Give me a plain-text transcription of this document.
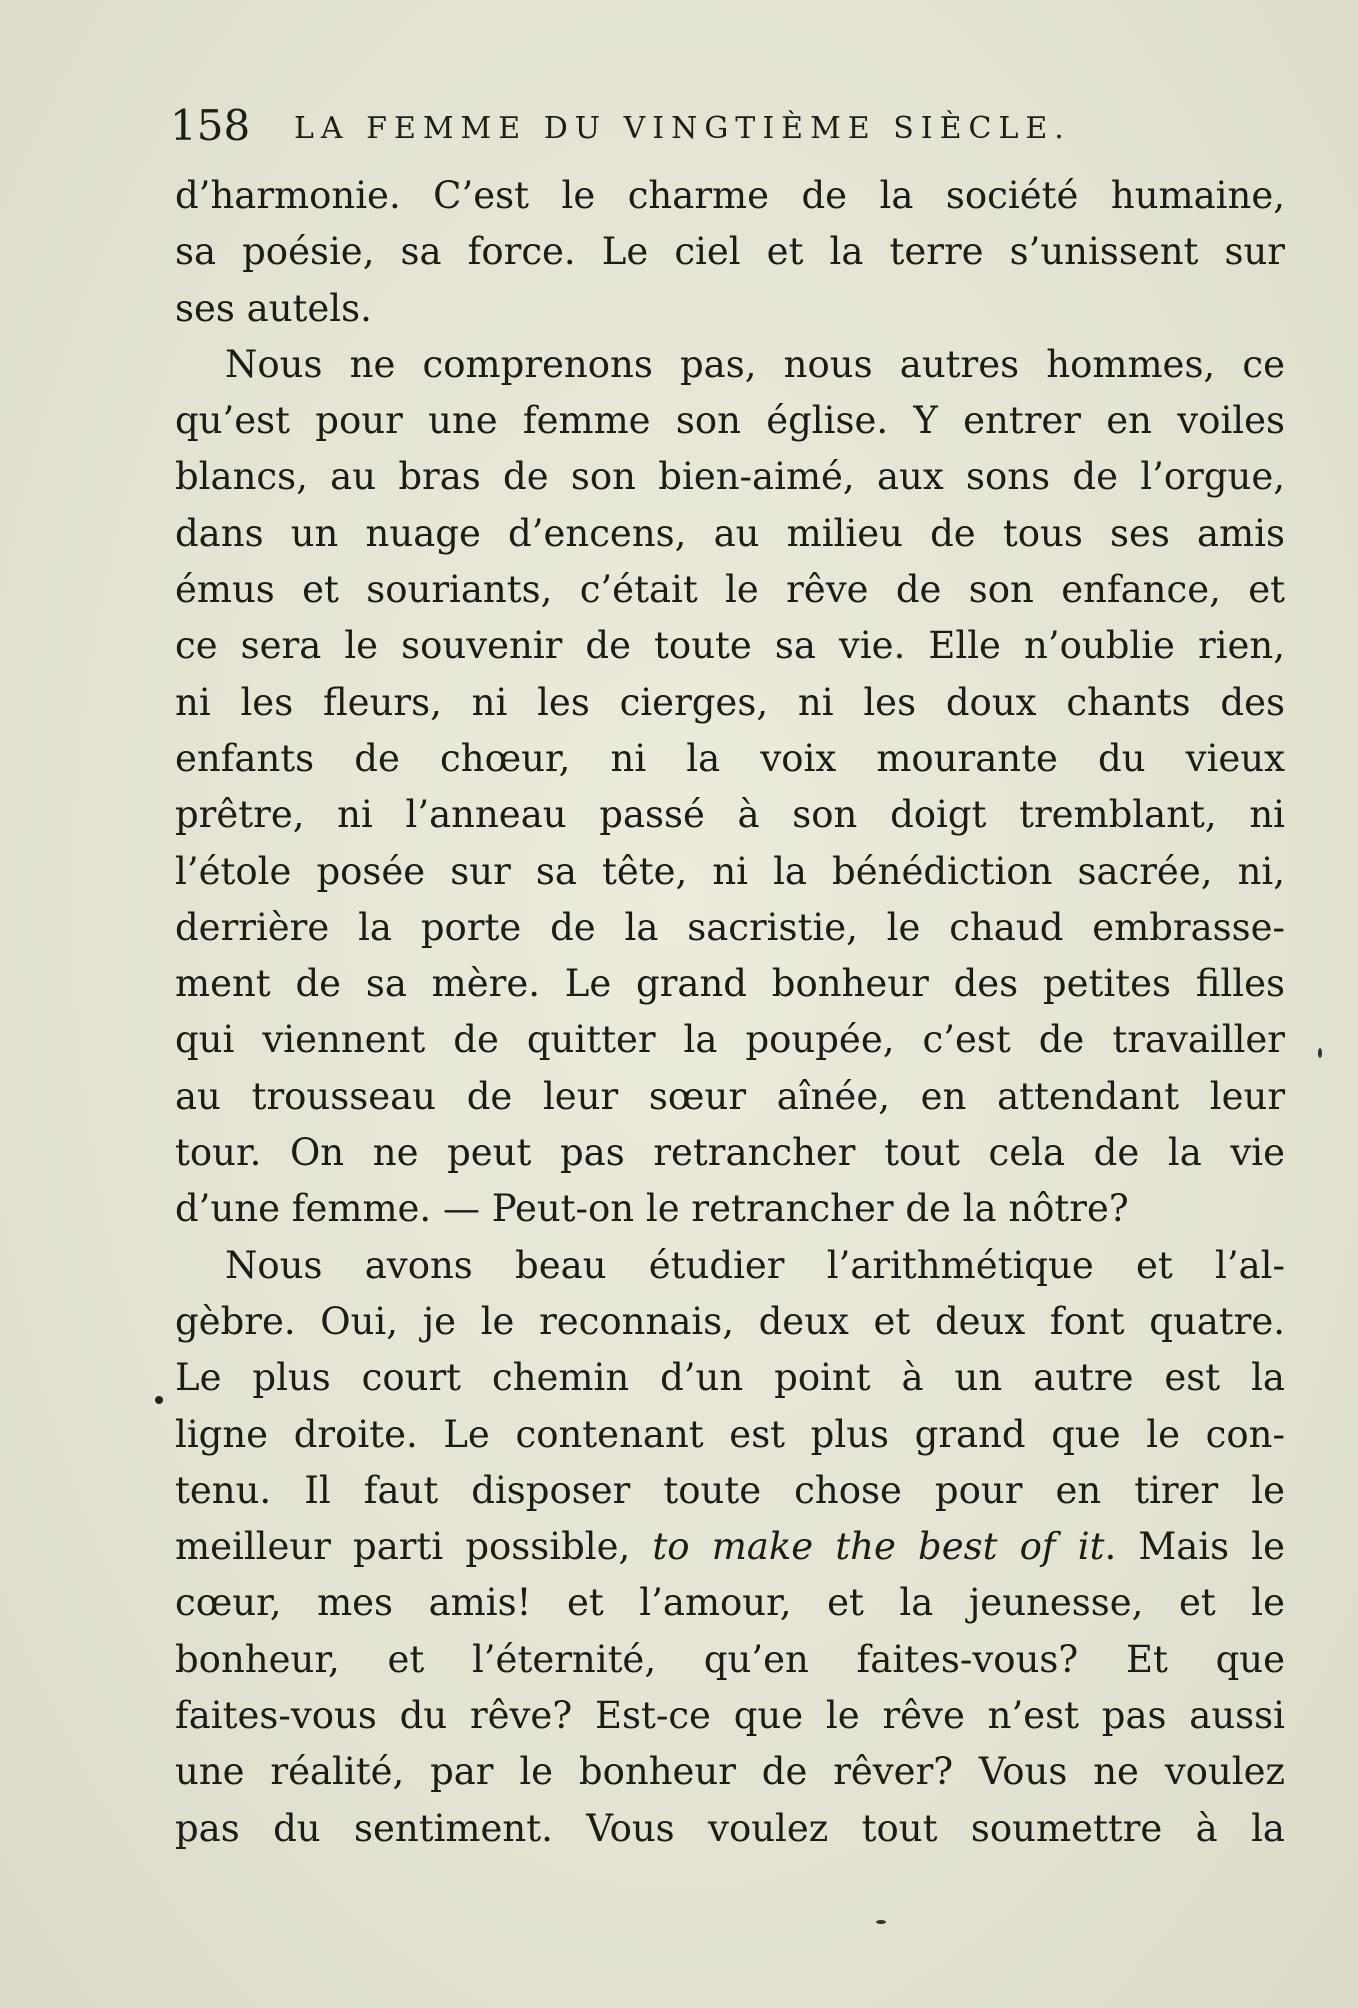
158 LA FEMME DU VINGTIÈME SIÈCLE.
d’harmonie. C’est le charme de la société humaine,
sa poésie, sa force. Le ciel et la terre s’unissent sur
ses autels.
Nous ne comprenons pas, nous autres hommes, ce
qu’est pour une femme son église. Y entrer en voiles
blancs, au bras de son bien-aimé, aux sons de l’orgue,
dans un nuage d’encens, au milieu de tous ses amis
émus et souriants, c’était le rêve de son enfance, et
ce sera le souvenir de toute sa vie. Elle n’oublie rien,
ni les fleurs, ni les cierges, ni les doux chants des
enfants de chœur, ni la voix mourante du vieux
prêtre, ni l’anneau passé à son doigt tremblant, ni
l’étole posée sur sa tête, ni la bénédiction sacrée, ni,
derrière la porte de la sacristie, le chaud embrasse-
ment de sa mère. Le grand bonheur des petites filles
qui viennent de quitter la poupée, c’est de travailler
au trousseau de leur sœur aînée, en attendant leur
tour. On ne peut pas retrancher tout cela de la vie
d’une femme. — Peut-on le retrancher de la nôtre?
Nous avons beau étudier l’arithmétique et l’al-
gèbre. Oui, je le reconnais, deux et deux font quatre.
Le plus court chemin d’un point à un autre est la
ligne droite. Le contenant est plus grand que le con-
tenu. Il faut disposer toute chose pour en tirer le
meilleur parti possible, to make the best of it. Mais le
cœur, mes amis! et l’amour, et la jeunesse, et le
bonheur, et l’éternité, qu’en faites-vous? Et que
faites-vous du rêve? Est-ce que le rêve n’est pas aussi
une réalité, par le bonheur de rêver? Vous ne voulez
pas du sentiment. Vous voulez tout soumettre à la
